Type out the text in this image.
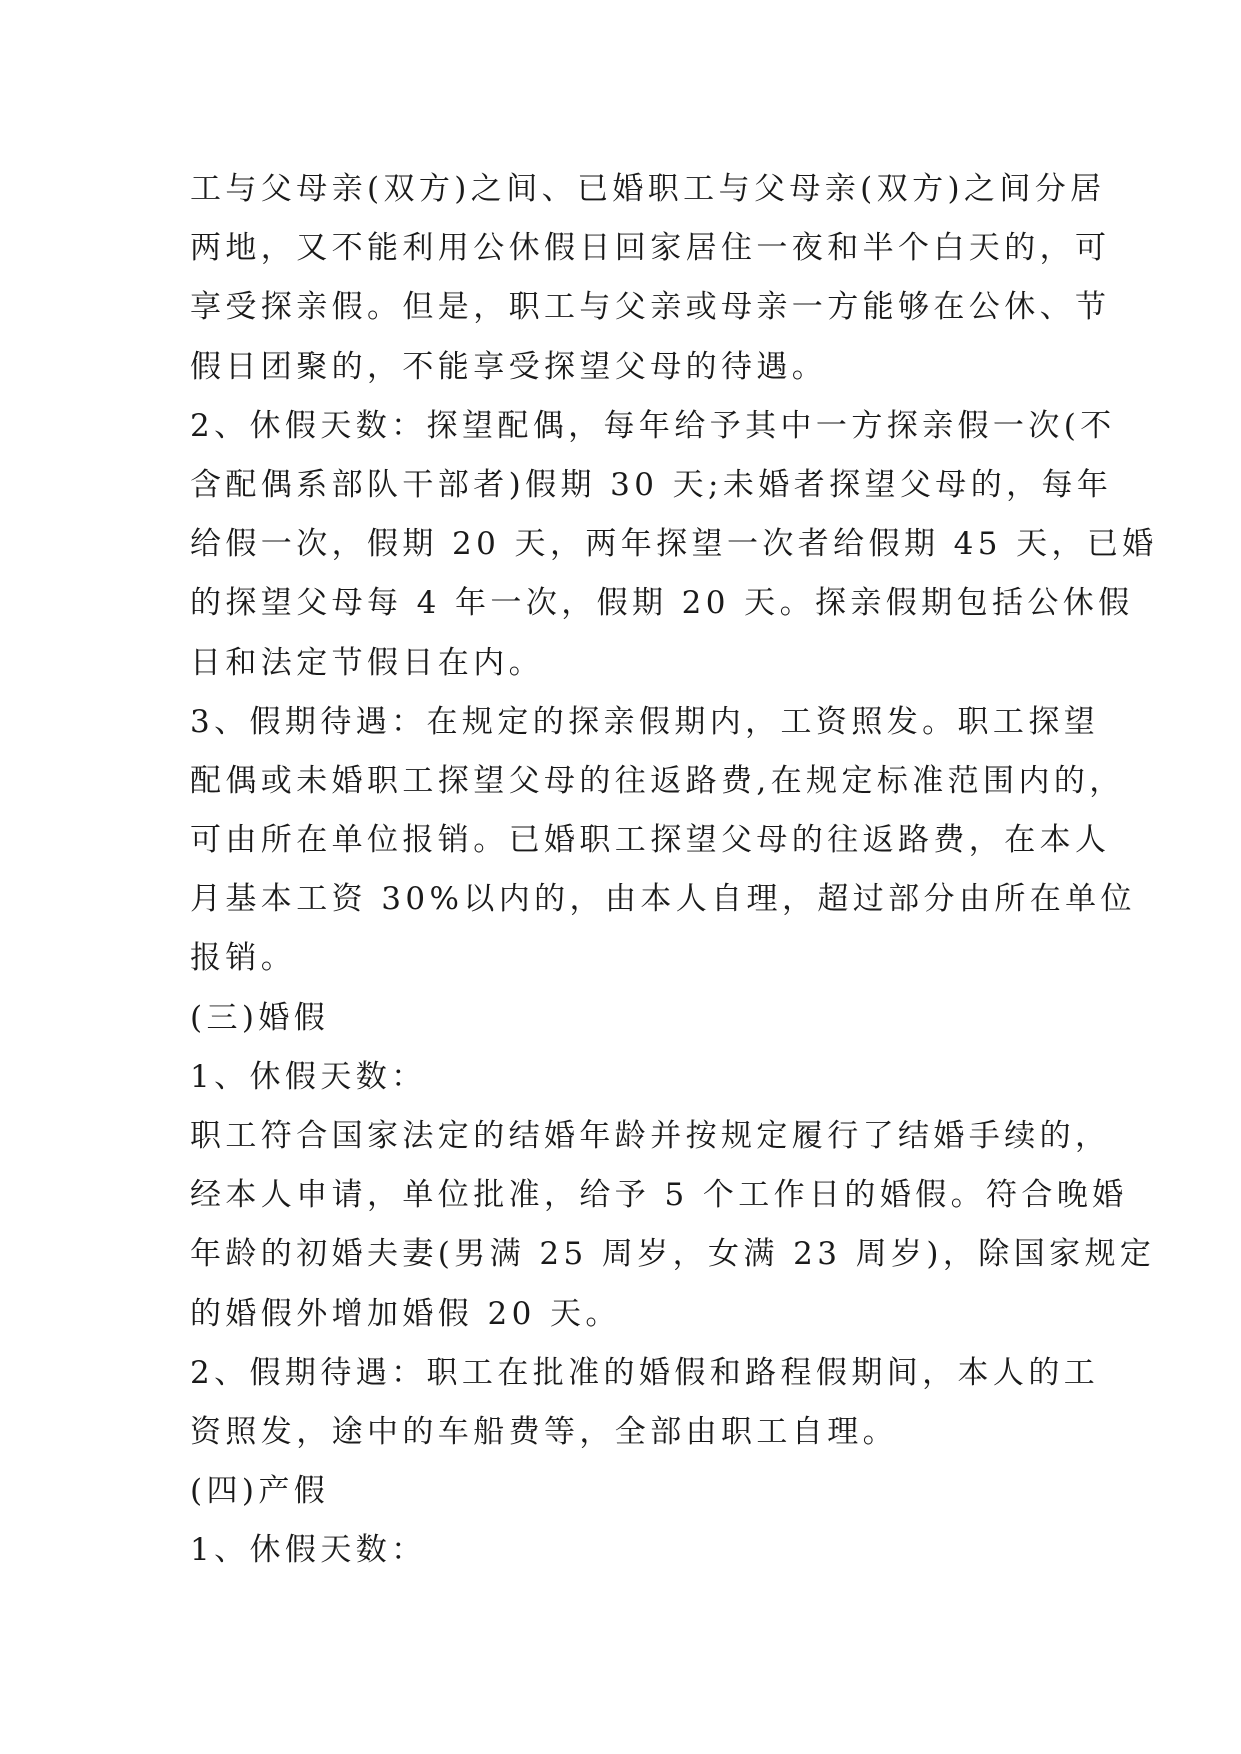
工与父母亲(双方)之间、已婚职工与父母亲(双方)之间分居
两地，又不能利用公休假日回家居住一夜和半个白天的，可
享受探亲假。但是，职工与父亲或母亲一方能够在公休、节
假日团聚的，不能享受探望父母的待遇。
2、休假天数：探望配偶，每年给予其中一方探亲假一次(不
含配偶系部队干部者)假期 30 天;未婚者探望父母的，每年
给假一次，假期 20 天，两年探望一次者给假期 45 天，已婚
的探望父母每 4 年一次，假期 20 天。探亲假期包括公休假
日和法定节假日在内。
3、假期待遇：在规定的探亲假期内，工资照发。职工探望
配偶或未婚职工探望父母的往返路费,在规定标准范围内的，
可由所在单位报销。已婚职工探望父母的往返路费，在本人
月基本工资 30%以内的，由本人自理，超过部分由所在单位
报销。
(三)婚假
1、休假天数：
职工符合国家法定的结婚年龄并按规定履行了结婚手续的，
经本人申请，单位批准，给予 5 个工作日的婚假。符合晚婚
年龄的初婚夫妻(男满 25 周岁，女满 23 周岁)，除国家规定
的婚假外增加婚假 20 天。
2、假期待遇：职工在批准的婚假和路程假期间，本人的工
资照发，途中的车船费等，全部由职工自理。
(四)产假
1、休假天数：
